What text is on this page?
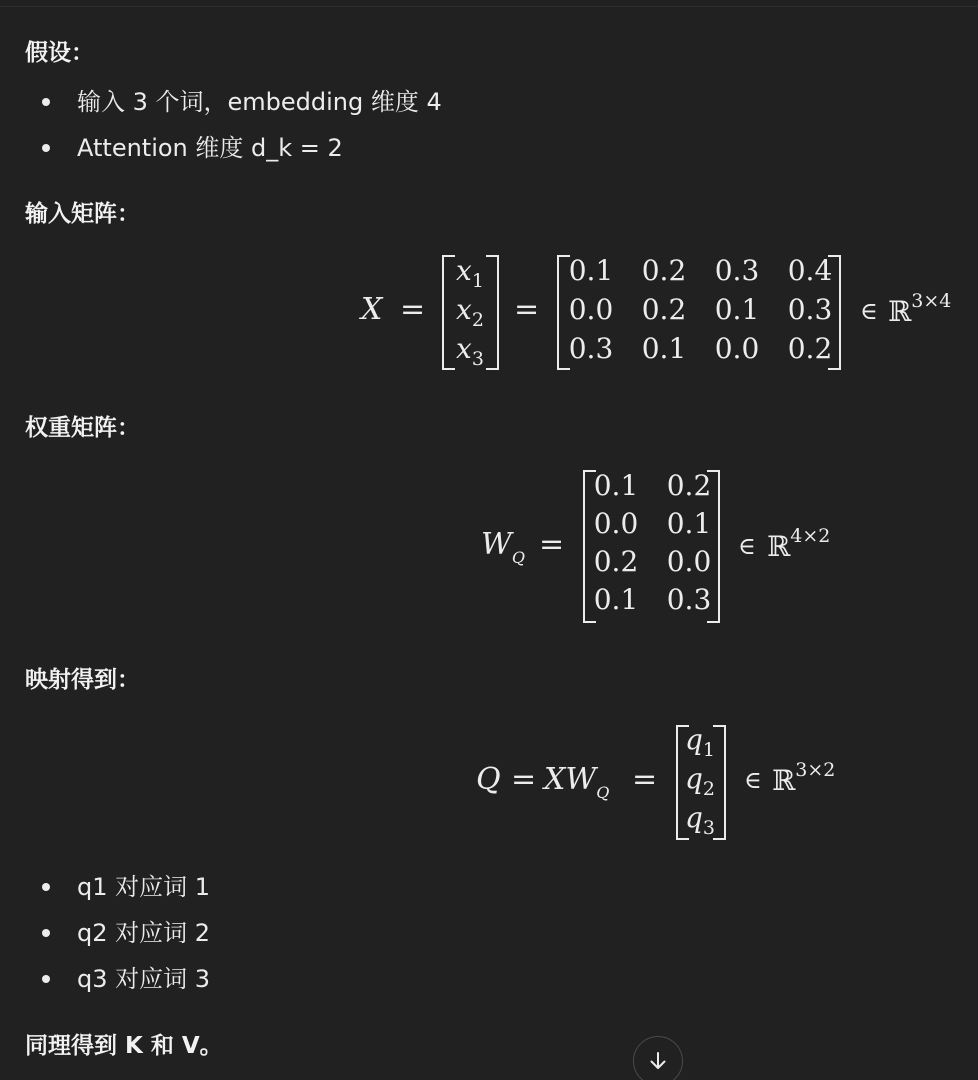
假设：
输入 3 个词，embedding 维度 4
Attention 维度 d_k = 2
输入矩阵：
X =
$x_1$
$x_2$
$x_3$
=
0.1 0.2 0.3 0.4
0.0 0.2 0.1 0.3
0.3 0.1 0.0 0.2
∈ ℝ$^{3\times 4}$
权重矩阵：
$W_Q$ =
0.1 0.2
0.0 0.1
0.2 0.0
0.1 0.3
∈ ℝ$^{4\times 2}$
映射得到：
$Q = XW_Q$ =
$q_1$
$q_2$
$q_3$
∈ ℝ$^{3\times 2}$
q1 对应词 1
q2 对应词 2
q3 对应词 3
同理得到 K 和 V。
